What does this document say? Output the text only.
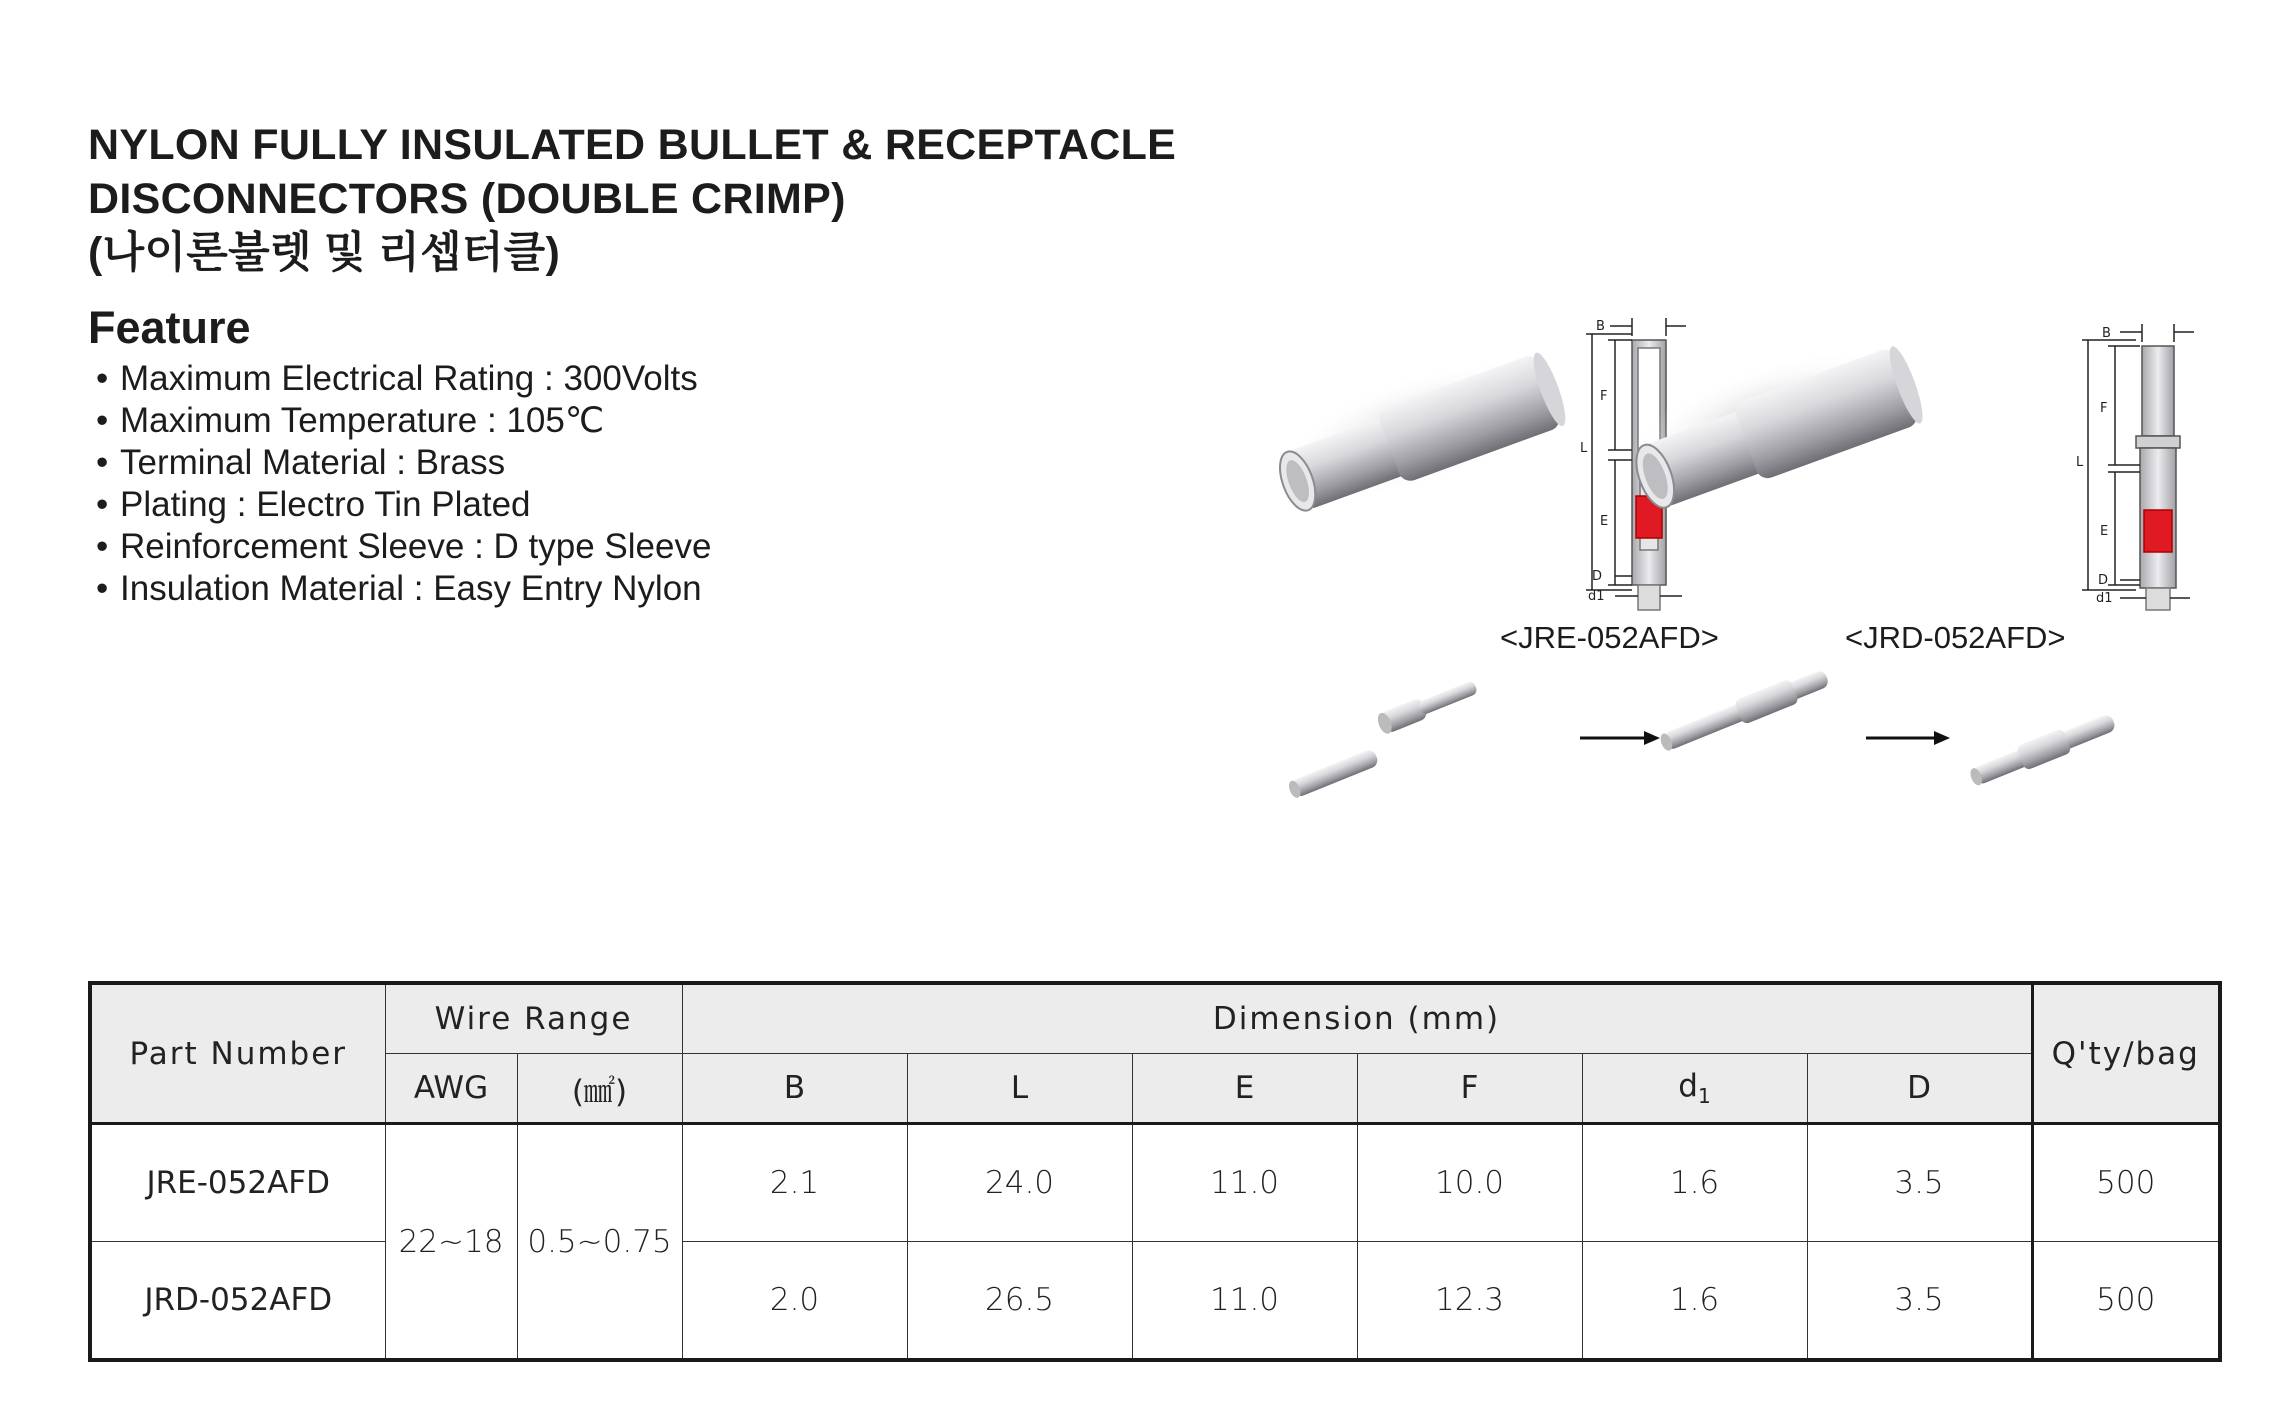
NYLON FULLY INSULATED BULLET & RECEPTACLE
DISCONNECTORS (DOUBLE CRIMP)
(나이론불렛 및 리셉터클)
Feature
• Maximum Electrical Rating : 300Volts
• Maximum Temperature : 105℃
• Terminal Material : Brass
• Plating : Electro Tin Plated
• Reinforcement Sleeve : D type Sleeve
• Insulation Material : Easy Entry Nylon
B
F
L
E
D
d1
B
F
L
E
D
d1
<JRE-052AFD>	<JRD-052AFD>
Part Number	Wire Range		Dimension (mm)						Q'ty/bag
	AWG	(㎟)	B	L	E	F	$d_1$	D	
JRE-052AFD	22~18	0.5~0.75	2.1	24.0	11.0	10.0	1.6	3.5	500
JRD-052AFD			2.0	26.5	11.0	12.3	1.6	3.5	500
